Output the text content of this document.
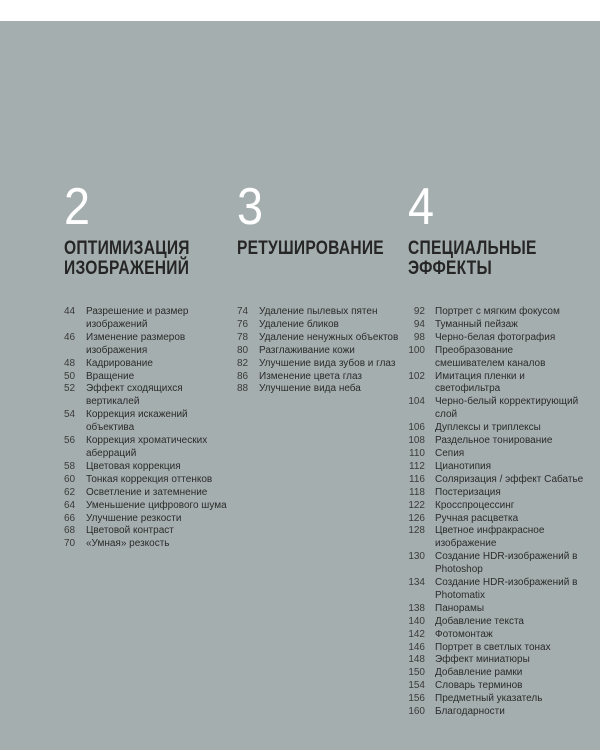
2
ОПТИМИЗАЦИЯ
ИЗОБРАЖЕНИЙ
44	Разрешение и размер изображений
46	Изменение размеров изображения
48	Кадрирование
50	Вращение
52	Эффект сходящихся вертикалей
54	Коррекция искажений объектива
56	Коррекция хроматических аберраций
58	Цветовая коррекция
60	Тонкая коррекция оттенков
62	Осветление и затемнение
64	Уменьшение цифрового шума
66	Улучшение резкости
68	Цветовой контраст
70	«Умная» резкость
3
РЕТУШИРОВАНИЕ
74	Удаление пылевых пятен
76	Удаление бликов
78	Удаление ненужных объектов
80	Разглаживание кожи
82	Улучшение вида зубов и глаз
86	Изменение цвета глаз
88	Улучшение вида неба
4
СПЕЦИАЛЬНЫЕ
ЭФФЕКТЫ
92	Портрет с мягким фокусом
94	Туманный пейзаж
98	Черно-белая фотография
100	Преобразование смешивателем каналов
102	Имитация пленки и светофильтра
104	Черно-белый корректирующий слой
106	Дуплексы и триплексы
108	Раздельное тонирование
110	Сепия
112	Цианотипия
116	Соляризация / эффект Сабатье
118	Постеризация
122	Кросспроцессинг
126	Ручная расцветка
128	Цветное инфракрасное изображение
130	Создание HDR-изображений в Photoshop
134	Создание HDR-изображений в Photomatix
138	Панорамы
140	Добавление текста
142	Фотомонтаж
146	Портрет в светлых тонах
148	Эффект миниатюры
150	Добавление рамки
154	Словарь терминов
156	Предметный указатель
160	Благодарности
